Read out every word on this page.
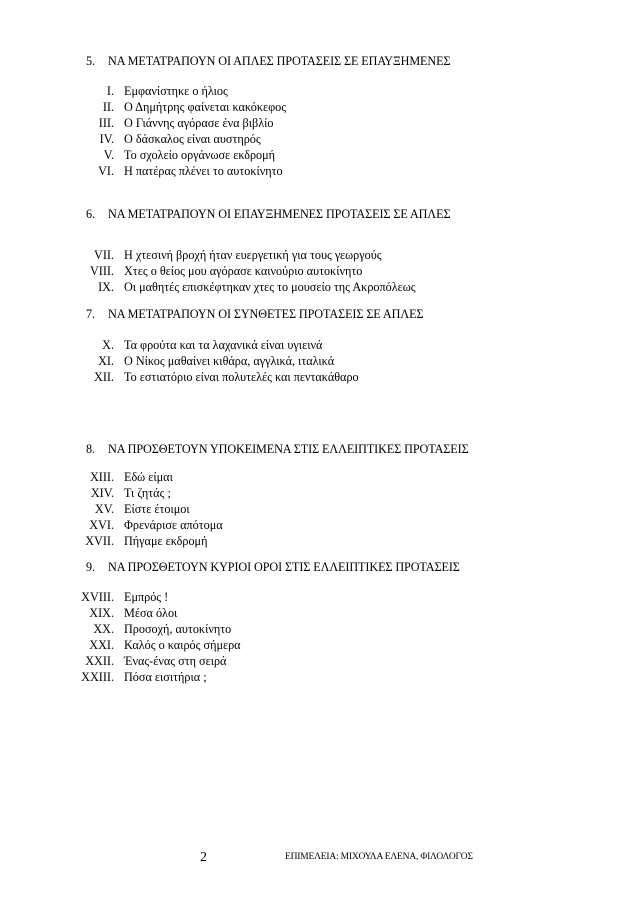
5. ΝΑ ΜΕΤΑΤΡΑΠΟΥΝ ΟΙ ΑΠΛΕΣ ΠΡΟΤΑΣΕΙΣ ΣΕ ΕΠΑΥΞΗΜΕΝΕΣ
I. Εμφανίστηκε ο ήλιος
II. Ο Δημήτρης φαίνεται κακόκεφος
III. Ο Γιάννης αγόρασε ένα βιβλίο
IV. Ο δάσκαλος είναι αυστηρός
V. Το σχολείο οργάνωσε εκδρομή
VI. Η πατέρας πλένει το αυτοκίνητο
6. ΝΑ ΜΕΤΑΤΡΑΠΟΥΝ ΟΙ ΕΠΑΥΞΗΜΕΝΕΣ ΠΡΟΤΑΣΕΙΣ ΣΕ ΑΠΛΕΣ
VII. Η χτεσινή βροχή ήταν ευεργετική για τους γεωργούς
VIII. Χτες ο θείος μου αγόρασε καινούριο αυτοκίνητο
IX. Οι μαθητές επισκέφτηκαν χτες το μουσείο της Ακροπόλεως
7. ΝΑ ΜΕΤΑΤΡΑΠΟΥΝ ΟΙ ΣΥΝΘΕΤΕΣ ΠΡΟΤΑΣΕΙΣ ΣΕ ΑΠΛΕΣ
X. Τα φρούτα και τα λαχανικά είναι υγιεινά
XI. Ο Νίκος μαθαίνει κιθάρα, αγγλικά, ιταλικά
XII. Το εστιατόριο είναι πολυτελές και πεντακάθαρο
8. ΝΑ ΠΡΟΣΘΕΤΟΥΝ ΥΠΟΚΕΙΜΕΝΑ ΣΤΙΣ ΕΛΛΕΙΠΤΙΚΕΣ ΠΡΟΤΑΣΕΙΣ
XIII. Εδώ είμαι
XIV. Τι ζητάς ;
XV. Είστε έτοιμοι
XVI. Φρενάρισε απότομα
XVII. Πήγαμε εκδρομή
9. ΝΑ ΠΡΟΣΘΕΤΟΥΝ ΚΥΡΙΟΙ ΟΡΟΙ ΣΤΙΣ ΕΛΛΕΙΠΤΙΚΕΣ ΠΡΟΤΑΣΕΙΣ
XVIII. Εμπρός !
XIX. Μέσα όλοι
XX. Προσοχή, αυτοκίνητο
XXI. Καλός ο καιρός σήμερα
XXII. Ένας-ένας στη σειρά
XXIII. Πόσα εισιτήρια ;
2	ΕΠΙΜΕΛΕΙΑ: ΜΙΧΟΥΛΑ ΕΛΕΝΑ, ΦΙΛΟΛΟΓΟΣ
